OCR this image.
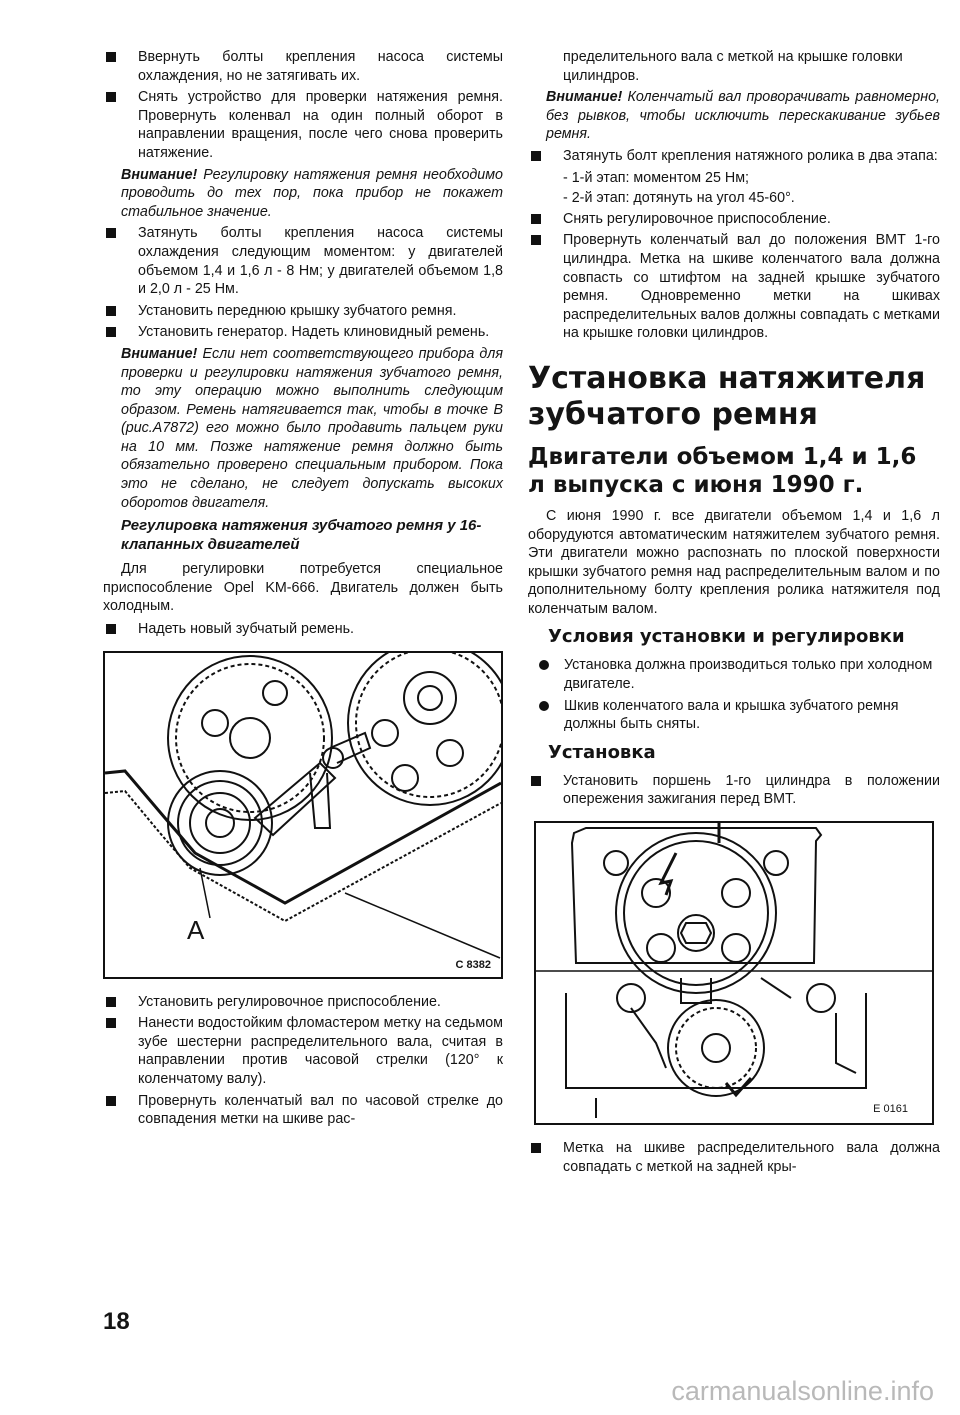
Ввернуть болты крепления насоса системы охлаждения, но не затягивать их.

Снять устройство для проверки натяжения ремня. Провернуть коленвал на один полный оборот в направлении вращения, после чего снова проверить натяжение.

Внимание! Регулировку натяжения ремня необходимо проводить до тех пор, пока прибор не покажет стабильное значение.

Затянуть болты крепления насоса системы охлаждения следующим моментом: у двигателей объемом 1,4 и 1,6 л - 8 Нм; у двигателей объемом 1,8 и 2,0 л - 25 Нм.

Установить переднюю крышку зубчатого ремня.

Установить генератор. Надеть клиновидный ремень.

Внимание! Если нет соответствующего прибора для проверки и регулировки натяжения зубчатого ремня, то эту операцию можно выполнить следующим образом. Ремень натягивается так, чтобы в точке В (рис.А7872) его можно было продавить пальцем руки на 10 мм. Позже натяжение ремня должно быть обязательно проверено специальным прибором. Пока это не сделано, не следует допускать высоких оборотов двигателя.

Регулировка натяжения зубчатого ремня у 16-клапанных двигателей

Для регулировки потребуется специальное приспособление Opel KM-666. Двигатель должен быть холодным.

Надеть новый зубчатый ремень.

A
C 8382

Установить регулировочное приспособление.

Нанести водостойким фломастером метку на седьмом зубе шестерни распределительного вала, считая в направлении против часовой стрелки (120° к коленчатому валу).

Провернуть коленчатый вал по часовой стрелке до совпадения метки на шкиве рас-

пределительного вала с меткой на крышке головки цилиндров.

Внимание! Коленчатый вал проворачивать равномерно, без рывков, чтобы исключить перескакивание зубьев ремня.

Затянуть болт крепления натяжного ролика в два этапа:

- 1-й этап: моментом 25 Нм;

- 2-й этап: дотянуть на угол 45-60°.

Снять регулировочное приспособление.

Провернуть коленчатый вал до положения ВМТ 1-го цилиндра. Метка на шкиве коленчатого вала должна совпасть со штифтом на задней крышке зубчатого ремня. Одновременно метки на шкивах распределительных валов должны совпадать с метками на крышке головки цилиндров.

Установка натяжителя зубчатого ремня
Двигатели объемом 1,4 и 1,6 л выпуска с июня 1990 г.

С июня 1990 г. все двигатели объемом 1,4 и 1,6 л оборудуются автоматическим натяжителем зубчатого ремня. Эти двигатели можно распознать по плоской поверхности крышки зубчатого ремня над распределительным валом и по дополнительному болту крепления ролика натяжителя под коленчатым валом.

Условия установки и регулировки

Установка должна производиться только при холодном двигателе.

Шкив коленчатого вала и крышка зубчатого ремня должны быть сняты.

Установка

Установить поршень 1-го цилиндра в положении опережения зажигания перед ВМТ.

E 0161

Метка на шкиве распределительного вала должна совпадать с меткой на задней кры-

18
carmanualsonline.info
